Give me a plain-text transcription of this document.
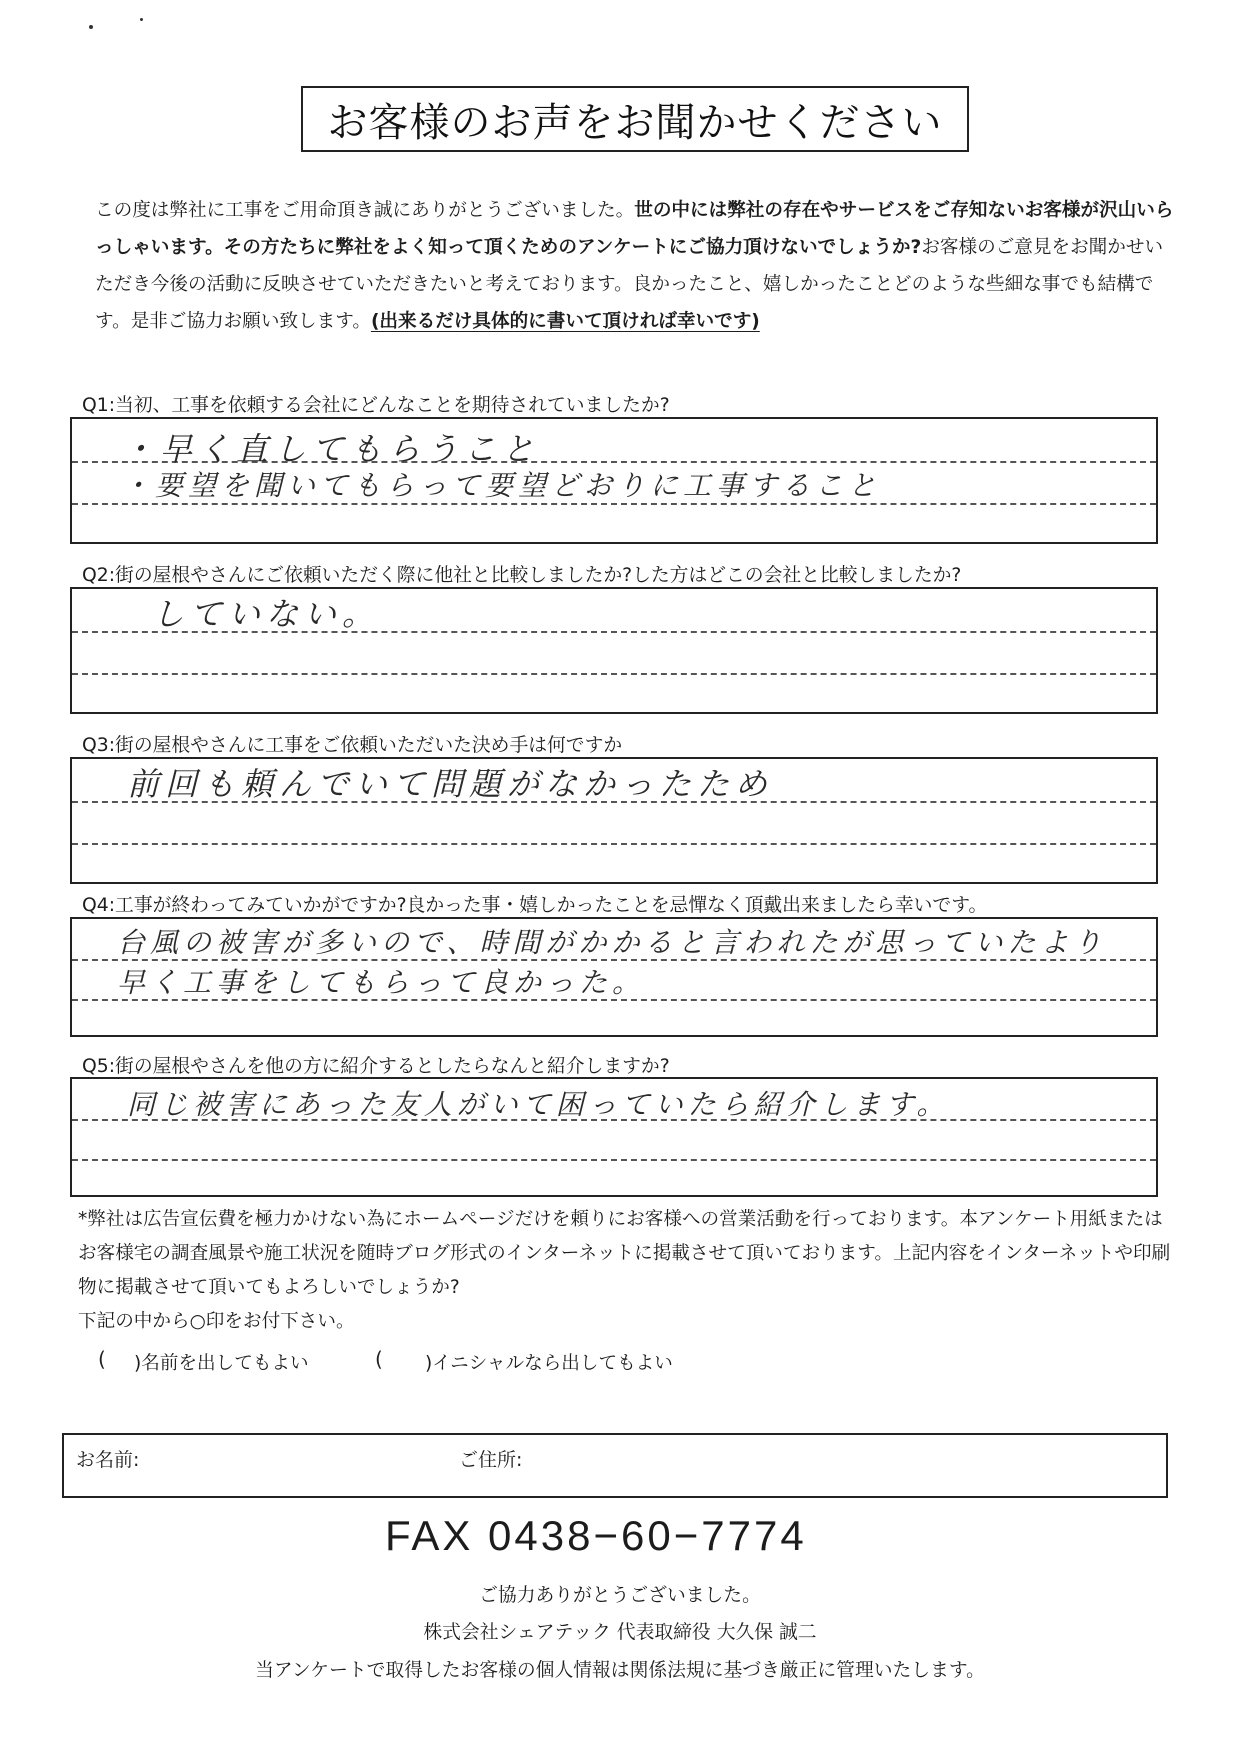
お客様のお声をお聞かせください
この度は弊社に工事をご用命頂き誠にありがとうございました。世の中には弊社の存在やサービスをご存知ないお客様が沢山いらっしゃいます。その方たちに弊社をよく知って頂くためのアンケートにご協力頂けないでしょうか?お客様のご意見をお聞かせいただき今後の活動に反映させていただきたいと考えております。良かったこと、嬉しかったことどのような些細な事でも結構です。是非ご協力お願い致します。(出来るだけ具体的に書いて頂ければ幸いです)
Q1:当初、工事を依頼する会社にどんなことを期待されていましたか?
・早く直してもらうこと
・要望を聞いてもらって要望どおりに工事すること
Q2:街の屋根やさんにご依頼いただく際に他社と比較しましたか?した方はどこの会社と比較しましたか?
していない。
Q3:街の屋根やさんに工事をご依頼いただいた決め手は何ですか
前回も頼んでいて問題がなかったため
Q4:工事が終わってみていかがですか?良かった事・嬉しかったことを忌憚なく頂戴出来ましたら幸いです。
台風の被害が多いので、時間がかかると言われたが思っていたより
早く工事をしてもらって良かった。
Q5:街の屋根やさんを他の方に紹介するとしたらなんと紹介しますか?
同じ被害にあった友人がいて困っていたら紹介します。
*弊社は広告宣伝費を極力かけない為にホームページだけを頼りにお客様への営業活動を行っております。本アンケート用紙またはお客様宅の調査風景や施工状況を随時ブログ形式のインターネットに掲載させて頂いております。上記内容をインターネットや印刷物に掲載させて頂いてもよろしいでしょうか?
下記の中から○印をお付下さい。
( )名前を出してもよい	( )イニシャルなら出してもよい
お名前:	ご住所:
FAX 0438−60−7774
ご協力ありがとうございました。
株式会社シェアテック 代表取締役 大久保 誠二
当アンケートで取得したお客様の個人情報は関係法規に基づき厳正に管理いたします。
